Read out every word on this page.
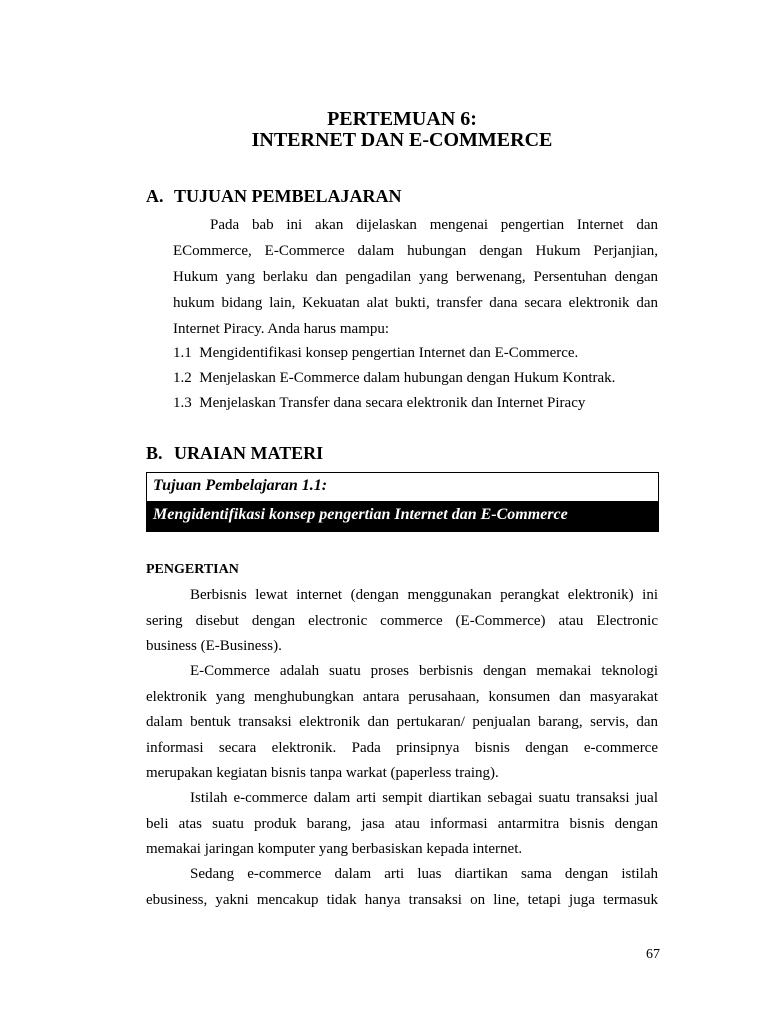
PERTEMUAN 6:
INTERNET DAN E-COMMERCE
A. TUJUAN PEMBELAJARAN
Pada bab ini akan dijelaskan mengenai pengertian Internet dan
ECommerce, E-Commerce dalam hubungan dengan Hukum Perjanjian,
Hukum yang berlaku dan pengadilan yang berwenang, Persentuhan dengan
hukum bidang lain, Kekuatan alat bukti, transfer dana secara elektronik dan
Internet Piracy. Anda harus mampu:
1.1 Mengidentifikasi konsep pengertian Internet dan E-Commerce.
1.2 Menjelaskan E-Commerce dalam hubungan dengan Hukum Kontrak.
1.3 Menjelaskan Transfer dana secara elektronik dan Internet Piracy
B. URAIAN MATERI
Tujuan Pembelajaran 1.1:
Mengidentifikasi konsep pengertian Internet dan E-Commerce
PENGERTIAN
Berbisnis lewat internet (dengan menggunakan perangkat elektronik) ini
sering disebut dengan electronic commerce (E-Commerce) atau Electronic
business (E-Business).
E-Commerce adalah suatu proses berbisnis dengan memakai teknologi
elektronik yang menghubungkan antara perusahaan, konsumen dan masyarakat
dalam bentuk transaksi elektronik dan pertukaran/ penjualan barang, servis, dan
informasi secara elektronik. Pada prinsipnya bisnis dengan e-commerce
merupakan kegiatan bisnis tanpa warkat (paperless traing).
Istilah e-commerce dalam arti sempit diartikan sebagai suatu transaksi jual
beli atas suatu produk barang, jasa atau informasi antarmitra bisnis dengan
memakai jaringan komputer yang berbasiskan kepada internet.
Sedang e-commerce dalam arti luas diartikan sama dengan istilah
ebusiness, yakni mencakup tidak hanya transaksi on line, tetapi juga termasuk
67
